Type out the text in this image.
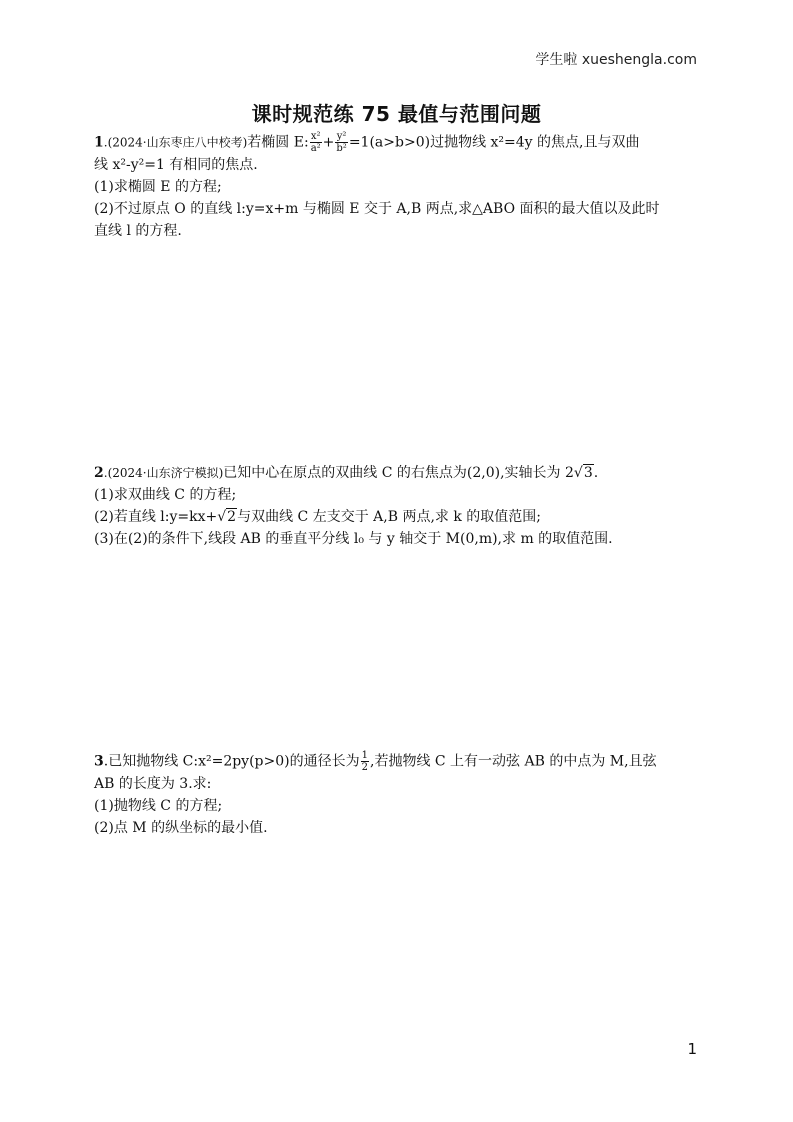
学生啦 xueshengla.com
课时规范练 75 最值与范围问题

1.(2024·山东枣庄八中校考)若椭圆 E: $\frac{\text{x²}}{\text{a²}} + \frac{\text{y²}}{\text{b²}} =1(a>b>0)$过抛物线 x²=4y 的焦点,且与双曲

线 x²-y²=1 有相同的焦点.

(1)求椭圆 E 的方程;

(2)不过原点 O 的直线 l:y=x+m 与椭圆 E 交于 A,B 两点,求△ABO 面积的最大值以及此时

直线 l 的方程.

2.(2024·山东济宁模拟)已知中心在原点的双曲线 C 的右焦点为(2,0),实轴长为 2√3.

(1)求双曲线 C 的方程;

(2)若直线 l:y=kx+√2与双曲线 C 左支交于 A,B 两点,求 k 的取值范围;

(3)在(2)的条件下,线段 AB 的垂直平分线 l₀ 与 y 轴交于 M(0,m),求 m 的取值范围.

3.已知抛物线 C:x²=2py(p>0)的通径长为 $\frac{1}{2}$ ,若抛物线 C 上有一动弦 AB 的中点为 M,且弦

AB 的长度为 3.求:

(1)抛物线 C 的方程;

(2)点 M 的纵坐标的最小值.

1
